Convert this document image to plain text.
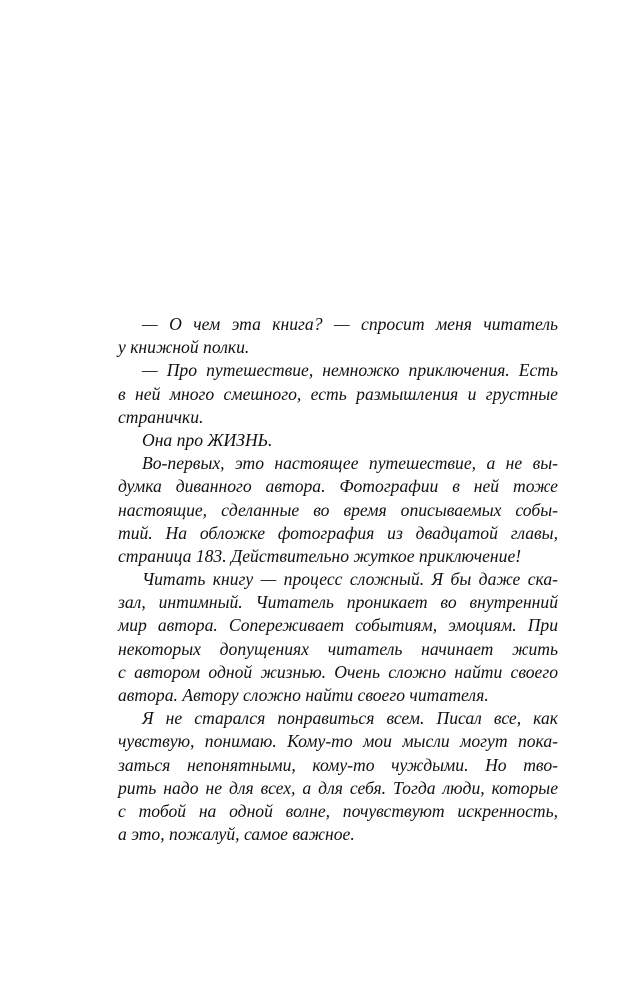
— О чем эта книга? — спросит меня читатель
у книжной полки.
— Про путешествие, немножко приключения. Есть
в ней много смешного, есть размышления и грустные
странички.
Она про ЖИЗНЬ.
Во-первых, это настоящее путешествие, а не вы-
думка диванного автора. Фотографии в ней тоже
настоящие, сделанные во время описываемых собы-
тий. На обложке фотография из двадцатой главы,
страница 183. Действительно жуткое приключение!
Читать книгу — процесс сложный. Я бы даже ска-
зал, интимный. Читатель проникает во внутренний
мир автора. Сопереживает событиям, эмоциям. При
некоторых допущениях читатель начинает жить
с автором одной жизнью. Очень сложно найти своего
автора. Автору сложно найти своего читателя.
Я не старался понравиться всем. Писал все, как
чувствую, понимаю. Кому-то мои мысли могут пока-
заться непонятными, кому-то чуждыми. Но тво-
рить надо не для всех, а для себя. Тогда люди, которые
с тобой на одной волне, почувствуют искренность,
а это, пожалуй, самое важное.
